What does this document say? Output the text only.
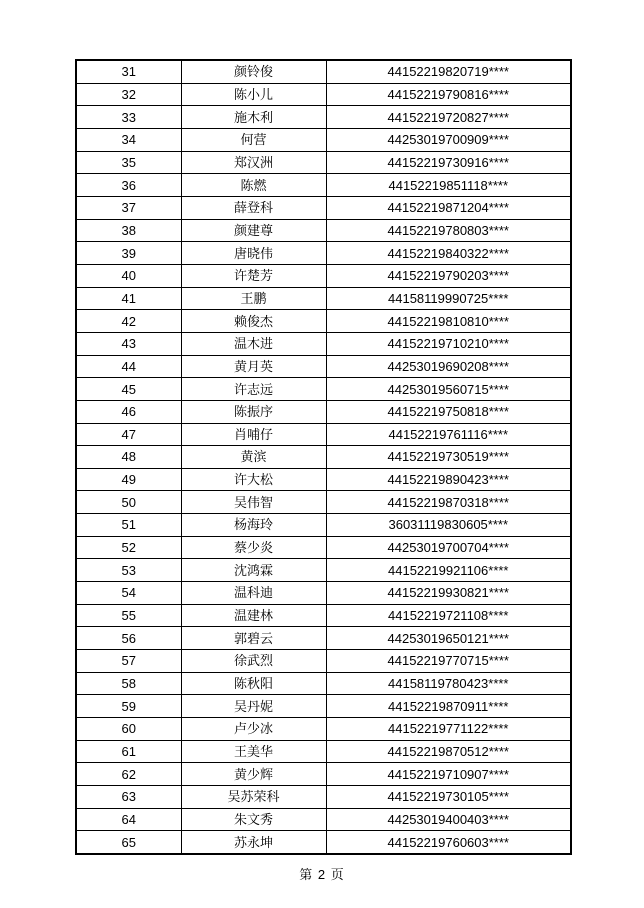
31	颜铃俊	44152219820719****
32	陈小儿	44152219790816****
33	施木利	44152219720827****
34	何营	44253019700909****
35	郑汉洲	44152219730916****
36	陈燃	44152219851118****
37	薛登科	44152219871204****
38	颜建尊	44152219780803****
39	唐晓伟	44152219840322****
40	许楚芳	44152219790203****
41	王鹏	44158119990725****
42	赖俊杰	44152219810810****
43	温木进	44152219710210****
44	黄月英	44253019690208****
45	许志远	44253019560715****
46	陈振序	44152219750818****
47	肖哺仔	44152219761116****
48	黄滨	44152219730519****
49	许大松	44152219890423****
50	吴伟智	44152219870318****
51	杨海玲	36031119830605****
52	蔡少炎	44253019700704****
53	沈鸿霖	44152219921106****
54	温科迪	44152219930821****
55	温建林	44152219721108****
56	郭碧云	44253019650121****
57	徐武烈	44152219770715****
58	陈秋阳	44158119780423****
59	吴丹妮	44152219870911****
60	卢少冰	44152219771122****
61	王美华	44152219870512****
62	黄少辉	44152219710907****
63	吴苏荣科	44152219730105****
64	朱文秀	44253019400403****
65	苏永坤	44152219760603****
第 2 页
